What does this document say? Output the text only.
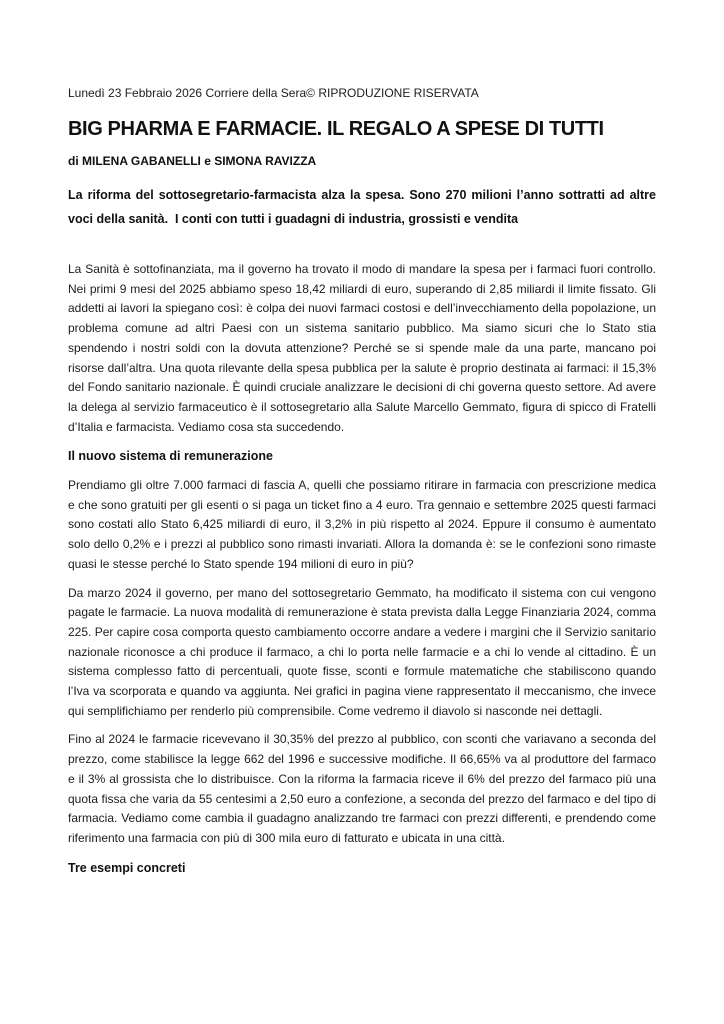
Lunedì 23 Febbraio 2026 Corriere della Sera© RIPRODUZIONE RISERVATA

BIG PHARMA E FARMACIE. IL REGALO A SPESE DI TUTTI

di MILENA GABANELLI e SIMONA RAVIZZA

La riforma del sottosegretario-farmacista alza la spesa. Sono 270 milioni l’anno sottratti ad altre voci della sanità.  I conti con tutti i guadagni di industria, grossisti e vendita

La Sanità è sottofinanziata, ma il governo ha trovato il modo di mandare la spesa per i farmaci fuori controllo. Nei primi 9 mesi del 2025 abbiamo speso 18,42 miliardi di euro, superando di 2,85 miliardi il limite fissato. Gli addetti ai lavori la spiegano così: è colpa dei nuovi farmaci costosi e dell’invecchiamento della popolazione, un problema comune ad altri Paesi con un sistema sanitario pubblico. Ma siamo sicuri che lo Stato stia spendendo i nostri soldi con la dovuta attenzione? Perché se si spende male da una parte, mancano poi risorse dall’altra. Una quota rilevante della spesa pubblica per la salute è proprio destinata ai farmaci: il 15,3% del Fondo sanitario nazionale. È quindi cruciale analizzare le decisioni di chi governa questo settore. Ad avere la delega al servizio farmaceutico è il sottosegretario alla Salute Marcello Gemmato, figura di spicco di Fratelli d’Italia e farmacista. Vediamo cosa sta succedendo.

Il nuovo sistema di remunerazione

Prendiamo gli oltre 7.000 farmaci di fascia A, quelli che possiamo ritirare in farmacia con prescrizione medica e che sono gratuiti per gli esenti o si paga un ticket fino a 4 euro. Tra gennaio e settembre 2025 questi farmaci sono costati allo Stato 6,425 miliardi di euro, il 3,2% in più rispetto al 2024. Eppure il consumo è aumentato solo dello 0,2% e i prezzi al pubblico sono rimasti invariati. Allora la domanda è: se le confezioni sono rimaste quasi le stesse perché lo Stato spende 194 milioni di euro in più?

Da marzo 2024 il governo, per mano del sottosegretario Gemmato, ha modificato il sistema con cui vengono pagate le farmacie. La nuova modalità di remunerazione è stata prevista dalla Legge Finanziaria 2024, comma 225. Per capire cosa comporta questo cambiamento occorre andare a vedere i margini che il Servizio sanitario nazionale riconosce a chi produce il farmaco, a chi lo porta nelle farmacie e a chi lo vende al cittadino. È un sistema complesso fatto di percentuali, quote fisse, sconti e formule matematiche che stabiliscono quando l’Iva va scorporata e quando va aggiunta. Nei grafici in pagina viene rappresentato il meccanismo, che invece qui semplifichiamo per renderlo più comprensibile. Come vedremo il diavolo si nasconde nei dettagli.

Fino al 2024 le farmacie ricevevano il 30,35% del prezzo al pubblico, con sconti che variavano a seconda del prezzo, come stabilisce la legge 662 del 1996 e successive modifiche. Il 66,65% va al produttore del farmaco e il 3% al grossista che lo distribuisce. Con la riforma la farmacia riceve il 6% del prezzo del farmaco più una quota fissa che varia da 55 centesimi a 2,50 euro a confezione, a seconda del prezzo del farmaco e del tipo di farmacia. Vediamo come cambia il guadagno analizzando tre farmaci con prezzi differenti, e prendendo come riferimento una farmacia con più di 300 mila euro di fatturato e ubicata in una città.

Tre esempi concreti
